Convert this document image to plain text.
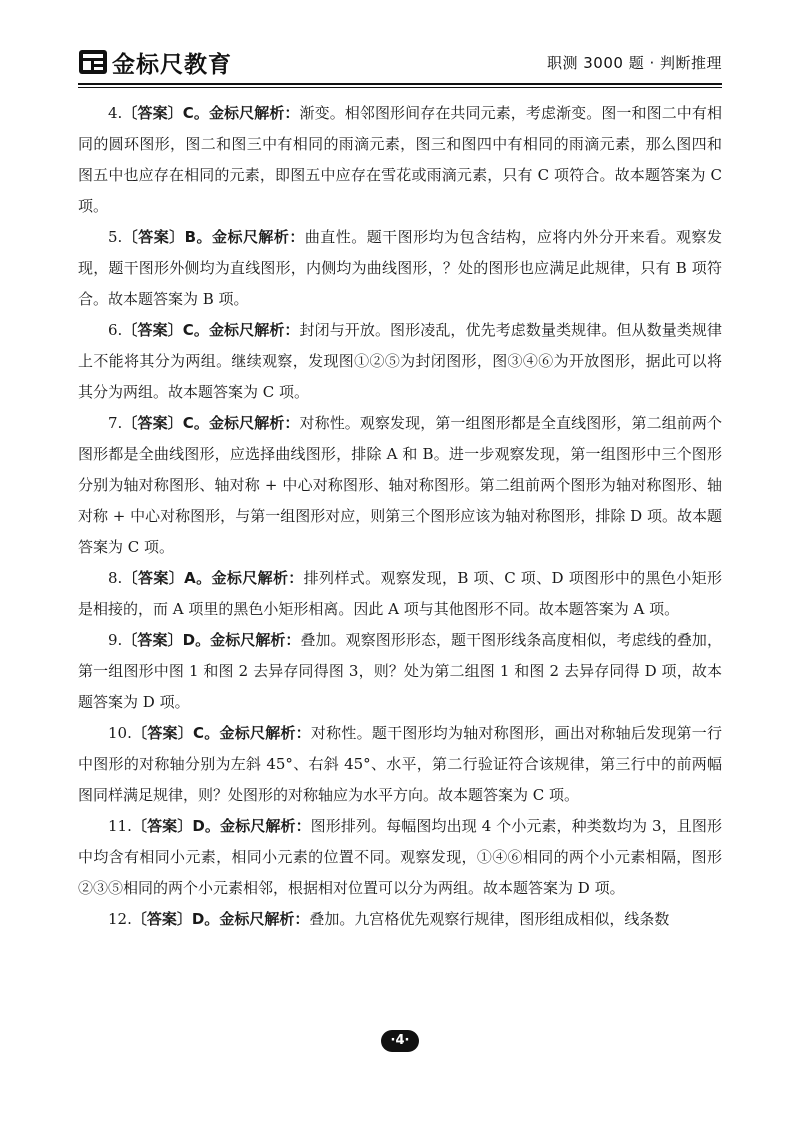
金标尺教育	职测 3000 题 · 判断推理

4.〔答案〕C。金标尺解析：渐变。相邻图形间存在共同元素，考虑渐变。图一和图二中有相同的圆环图形，图二和图三中有相同的雨滴元素，图三和图四中有相同的雨滴元素，那么图四和图五中也应存在相同的元素，即图五中应存在雪花或雨滴元素，只有 C 项符合。故本题答案为 C 项。

5.〔答案〕B。金标尺解析：曲直性。题干图形均为包含结构，应将内外分开来看。观察发现，题干图形外侧均为直线图形，内侧均为曲线图形，？处的图形也应满足此规律，只有 B 项符合。故本题答案为 B 项。

6.〔答案〕C。金标尺解析：封闭与开放。图形凌乱，优先考虑数量类规律。但从数量类规律上不能将其分为两组。继续观察，发现图①②⑤为封闭图形，图③④⑥为开放图形，据此可以将其分为两组。故本题答案为 C 项。

7.〔答案〕C。金标尺解析：对称性。观察发现，第一组图形都是全直线图形，第二组前两个图形都是全曲线图形，应选择曲线图形，排除 A 和 B。进一步观察发现，第一组图形中三个图形分别为轴对称图形、轴对称 + 中心对称图形、轴对称图形。第二组前两个图形为轴对称图形、轴对称 + 中心对称图形，与第一组图形对应，则第三个图形应该为轴对称图形，排除 D 项。故本题答案为 C 项。

8.〔答案〕A。金标尺解析：排列样式。观察发现，B 项、C 项、D 项图形中的黑色小矩形是相接的，而 A 项里的黑色小矩形相离。因此 A 项与其他图形不同。故本题答案为 A 项。

9.〔答案〕D。金标尺解析：叠加。观察图形形态，题干图形线条高度相似，考虑线的叠加，第一组图形中图 1 和图 2 去异存同得图 3，则？处为第二组图 1 和图 2 去异存同得 D 项，故本题答案为 D 项。

10.〔答案〕C。金标尺解析：对称性。题干图形均为轴对称图形，画出对称轴后发现第一行中图形的对称轴分别为左斜 45°、右斜 45°、水平，第二行验证符合该规律，第三行中的前两幅图同样满足规律，则？处图形的对称轴应为水平方向。故本题答案为 C 项。

11.〔答案〕D。金标尺解析：图形排列。每幅图均出现 4 个小元素，种类数均为 3，且图形中均含有相同小元素，相同小元素的位置不同。观察发现，①④⑥相同的两个小元素相隔，图形②③⑤相同的两个小元素相邻，根据相对位置可以分为两组。故本题答案为 D 项。

12.〔答案〕D。金标尺解析：叠加。九宫格优先观察行规律，图形组成相似，线条数

·4·
